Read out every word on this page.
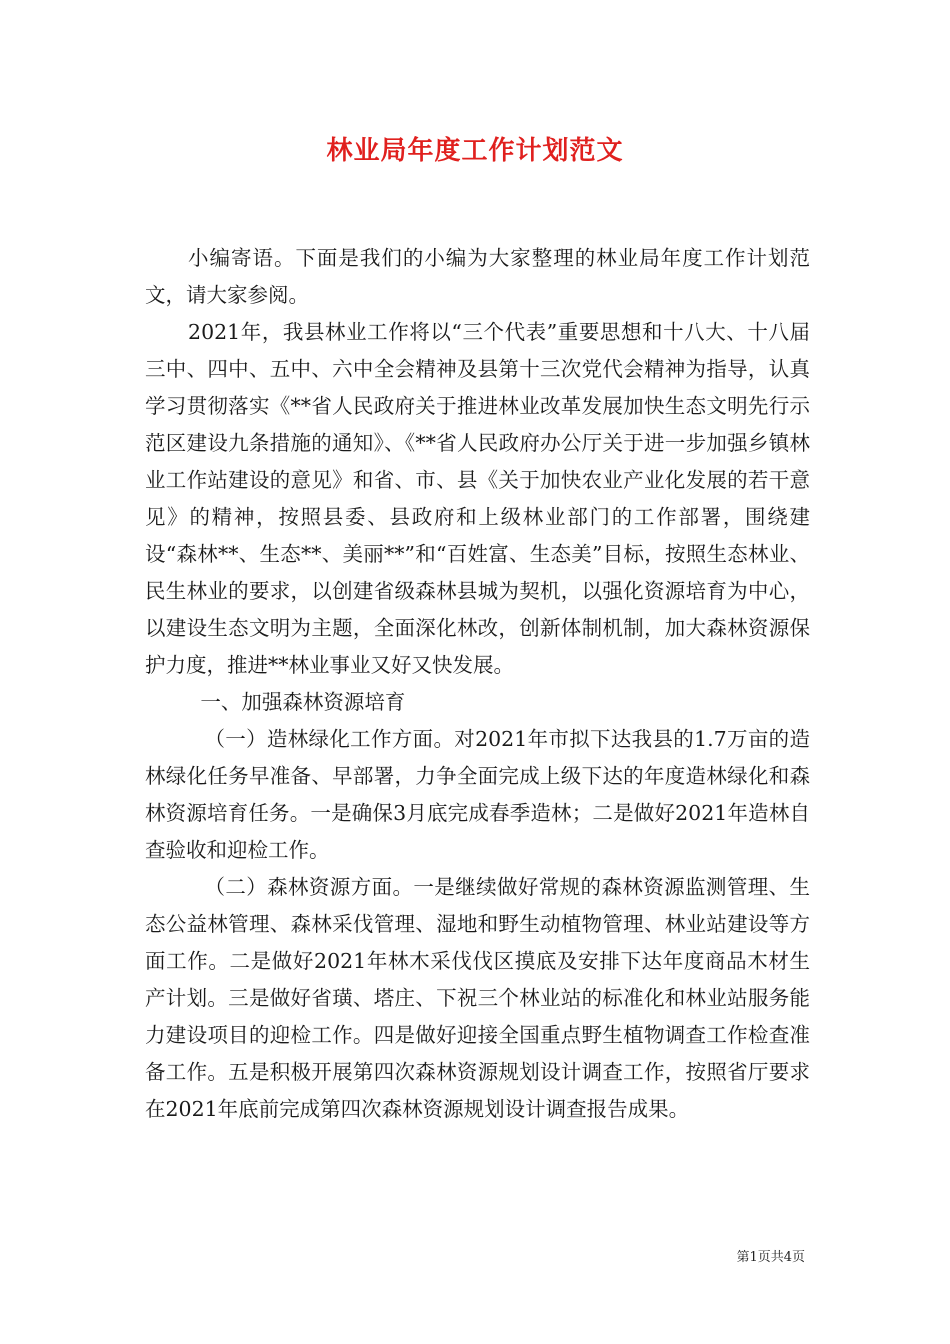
林业局年度工作计划范文

小编寄语。下面是我们的小编为大家整理的林业局年度工作计划范文，请大家参阅。

2021年，我县林业工作将以“三个代表”重要思想和十八大、十八届三中、四中、五中、六中全会精神及县第十三次党代会精神为指导，认真学习贯彻落实《**省人民政府关于推进林业改革发展加快生态文明先行示范区建设九条措施的通知》、《**省人民政府办公厅关于进一步加强乡镇林业工作站建设的意见》和省、市、县《关于加快农业产业化发展的若干意见》的精神，按照县委、县政府和上级林业部门的工作部署，围绕建设“森林**、生态**、美丽**”和“百姓富、生态美”目标，按照生态林业、民生林业的要求，以创建省级森林县城为契机，以强化资源培育为中心，以建设生态文明为主题，全面深化林改，创新体制机制，加大森林资源保护力度，推进**林业事业又好又快发展。

一、加强森林资源培育

（一）造林绿化工作方面。对2021年市拟下达我县的1.7万亩的造林绿化任务早准备、早部署，力争全面完成上级下达的年度造林绿化和森林资源培育任务。一是确保3月底完成春季造林；二是做好2021年造林自查验收和迎检工作。

（二）森林资源方面。一是继续做好常规的森林资源监测管理、生态公益林管理、森林采伐管理、湿地和野生动植物管理、林业站建设等方面工作。二是做好2021年林木采伐伐区摸底及安排下达年度商品木材生产计划。三是做好省璜、塔庄、下祝三个林业站的标准化和林业站服务能力建设项目的迎检工作。四是做好迎接全国重点野生植物调查工作检查准备工作。五是积极开展第四次森林资源规划设计调查工作，按照省厅要求在2021年底前完成第四次森林资源规划设计调查报告成果。

第1页共4页
